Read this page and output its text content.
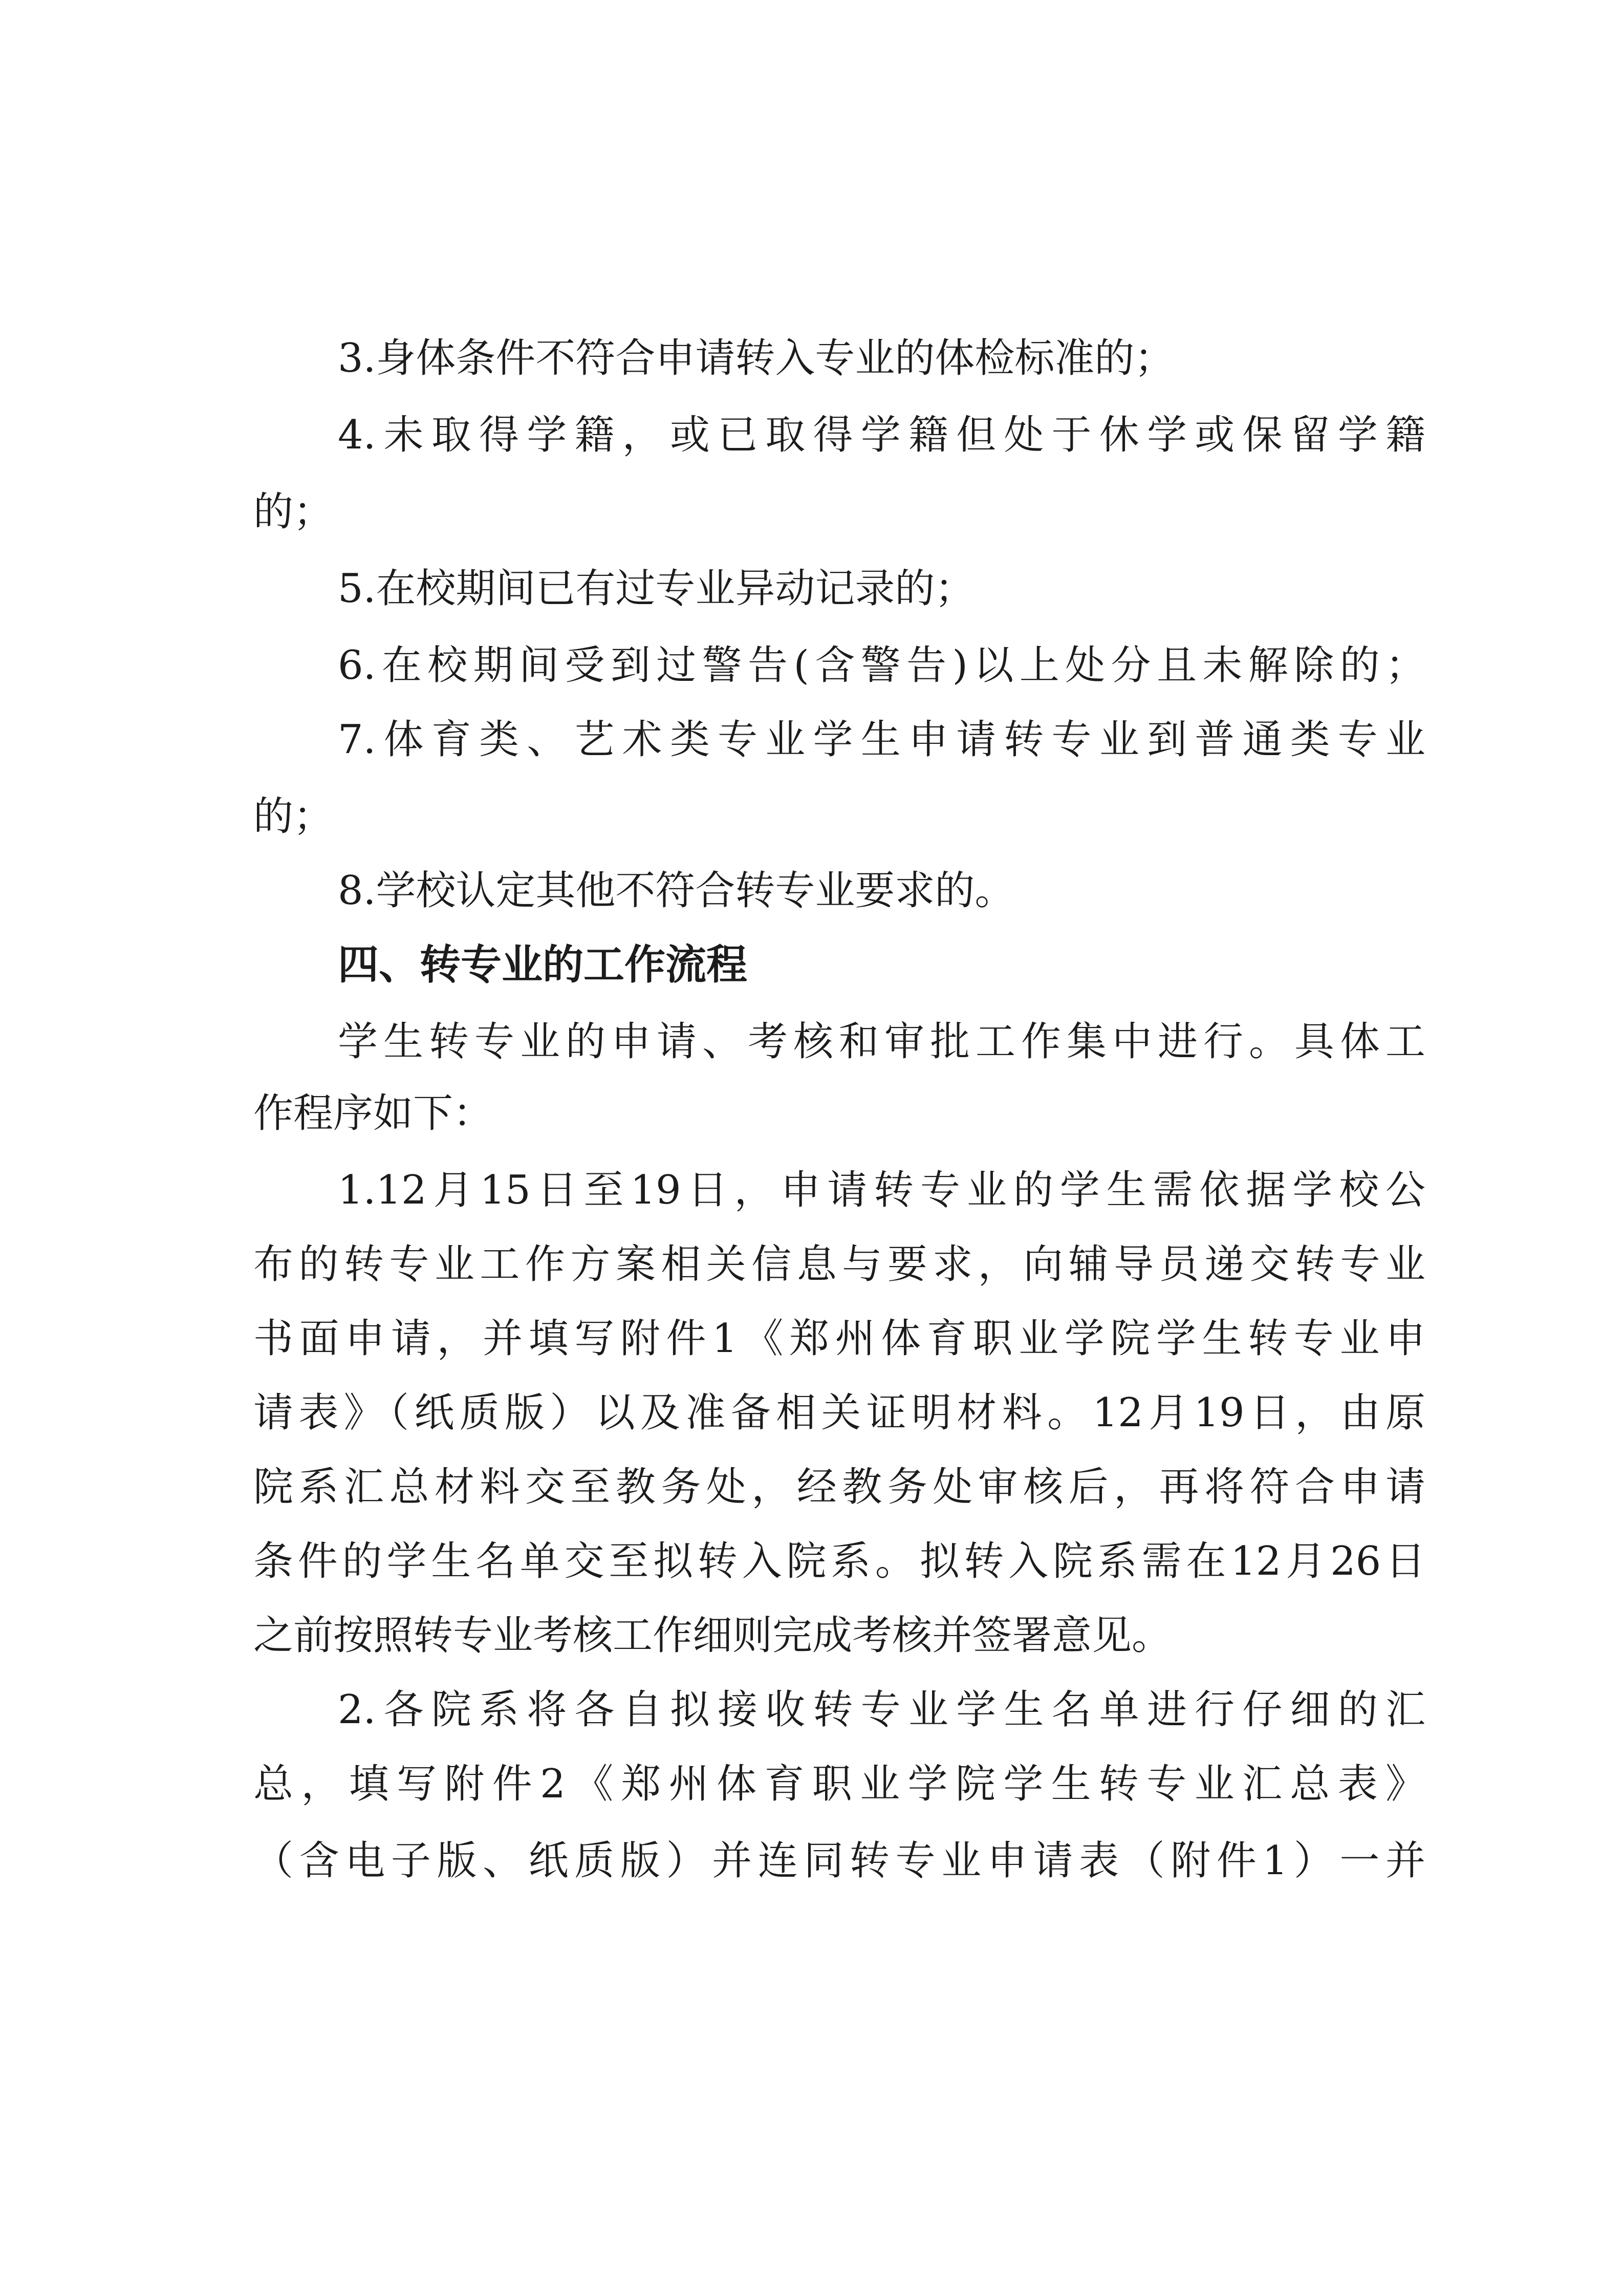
3.身体条件不符合申请转入专业的体检标准的；

4.未取得学籍，或已取得学籍但处于休学或保留学籍

的；

5.在校期间已有过专业异动记录的；

6.在校期间受到过警告(含警告)以上处分且未解除的；

7.体育类、艺术类专业学生申请转专业到普通类专业

的；

8.学校认定其他不符合转专业要求的。

四、转专业的工作流程

学生转专业的申请、考核和审批工作集中进行。具体工

作程序如下：

1.12月15日至19日，申请转专业的学生需依据学校公

布的转专业工作方案相关信息与要求，向辅导员递交转专业

书面申请，并填写附件1《郑州体育职业学院学生转专业申

请表》（纸质版）以及准备相关证明材料。12月19日，由原

院系汇总材料交至教务处，经教务处审核后，再将符合申请

条件的学生名单交至拟转入院系。拟转入院系需在12月26日

之前按照转专业考核工作细则完成考核并签署意见。

2.各院系将各自拟接收转专业学生名单进行仔细的汇

总，填写附件2《郑州体育职业学院学生转专业汇总表》

（含电子版、纸质版）并连同转专业申请表（附件1）一并
